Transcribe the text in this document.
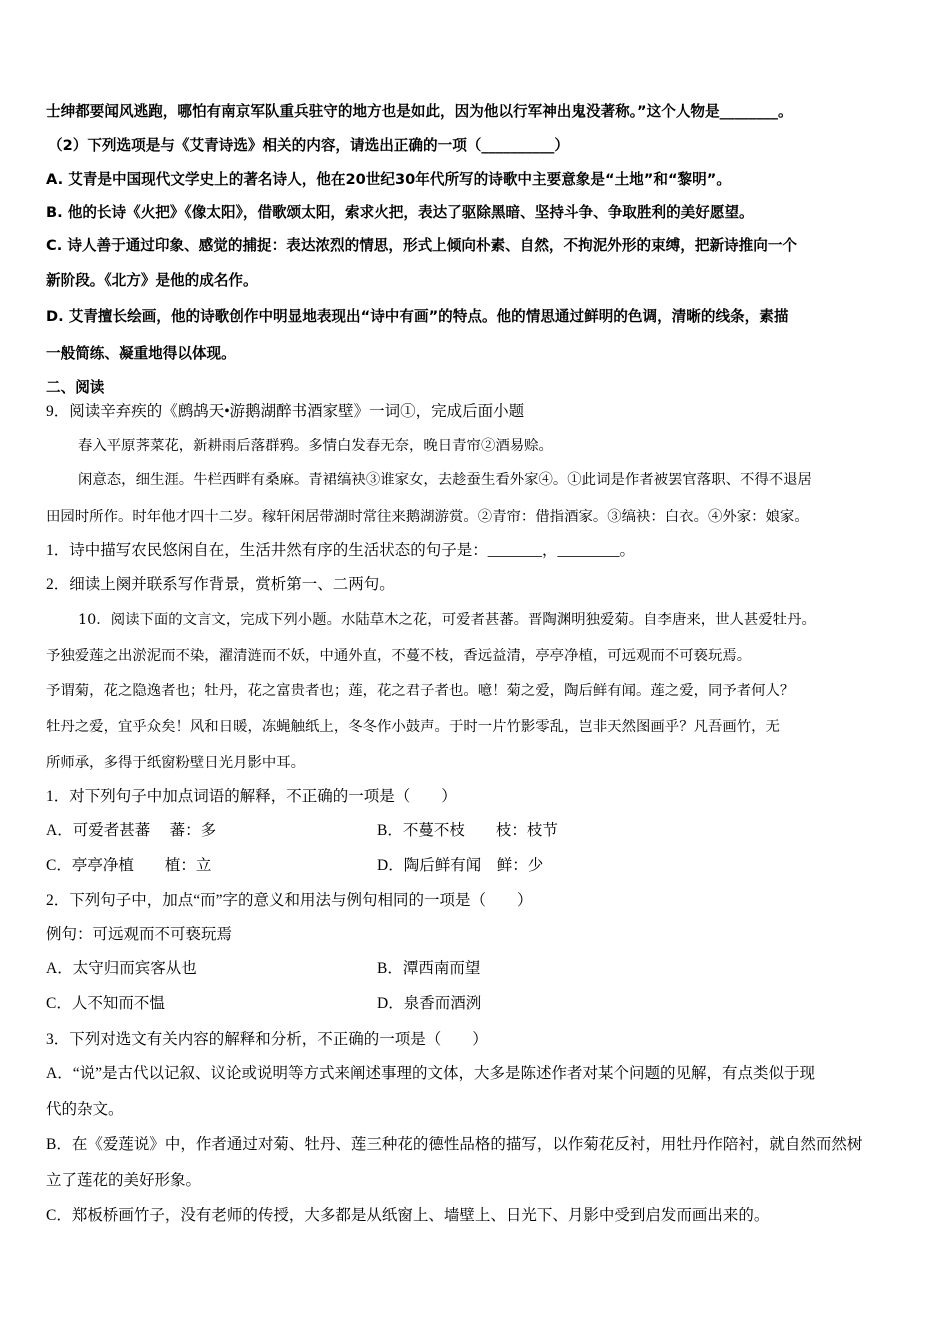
士绅都要闻风逃跑，哪怕有南京军队重兵驻守的地方也是如此，因为他以行军神出鬼没著称。”这个人物是________。
（2）下列选项是与《艾青诗选》相关的内容，请选出正确的一项（__________）
A. 艾青是中国现代文学史上的著名诗人，他在20世纪30年代所写的诗歌中主要意象是“土地”和“黎明”。
B. 他的长诗《火把》《像太阳》，借歌颂太阳，索求火把，表达了驱除黑暗、坚持斗争、争取胜利的美好愿望。
C. 诗人善于通过印象、感觉的捕捉：表达浓烈的情思，形式上倾向朴素、自然，不拘泥外形的束缚，把新诗推向一个
新阶段。《北方》是他的成名作。
D. 艾青擅长绘画，他的诗歌创作中明显地表现出“诗中有画”的特点。他的情思通过鲜明的色调，清晰的线条，素描
一般简练、凝重地得以体现。
二、阅读
9．阅读辛弃疾的《鹧鸪天•游鹅湖醉书酒家壁》一词①，完成后面小题
春入平原荠菜花，新耕雨后落群鸦。多情白发春无奈，晚日青帘②酒易赊。
闲意态，细生涯。牛栏西畔有桑麻。青裙缟袂③谁家女，去趁蚕生看外家④。①此词是作者被罢官落职、不得不退居
田园时所作。时年他才四十二岁。稼轩闲居带湖时常往来鹅湖游赏。②青帘：借指酒家。③缟袂：白衣。④外家：娘家。
1．诗中描写农民悠闲自在，生活井然有序的生活状态的句子是：_______，________。
2．细读上阕并联系写作背景，赏析第一、二两句。
10．阅读下面的文言文，完成下列小题。水陆草木之花，可爱者甚蕃。晋陶渊明独爱菊。自李唐来，世人甚爱牡丹。
予独爱莲之出淤泥而不染，濯清涟而不妖，中通外直，不蔓不枝，香远益清，亭亭净植，可远观而不可亵玩焉。
予谓菊，花之隐逸者也；牡丹，花之富贵者也；莲，花之君子者也。噫！菊之爱，陶后鲜有闻。莲之爱，同予者何人？
牡丹之爱，宜乎众矣！风和日暖，冻蝇触纸上，冬冬作小鼓声。于时一片竹影零乱，岂非天然图画乎？凡吾画竹，无
所师承，多得于纸窗粉壁日光月影中耳。
1．对下列句子中加点词语的解释，不正确的一项是（　　）
A．可爱者甚蕃　 蕃：多	B．不蔓不枝　　枝：枝节
C．亭亭净植　　植：立	D．陶后鲜有闻　鲜：少
2．下列句子中，加点“而”字的意义和用法与例句相同的一项是（　　）
例句：可远观而不可亵玩焉
A．太守归而宾客从也	B．潭西南而望
C．人不知而不愠	D．泉香而酒洌
3．下列对选文有关内容的解释和分析，不正确的一项是（　　）
A．“说”是古代以记叙、议论或说明等方式来阐述事理的文体，大多是陈述作者对某个问题的见解，有点类似于现
代的杂文。
B．在《爱莲说》中，作者通过对菊、牡丹、莲三种花的德性品格的描写，以作菊花反衬，用牡丹作陪衬，就自然而然树
立了莲花的美好形象。
C．郑板桥画竹子，没有老师的传授，大多都是从纸窗上、墙壁上、日光下、月影中受到启发而画出来的。
